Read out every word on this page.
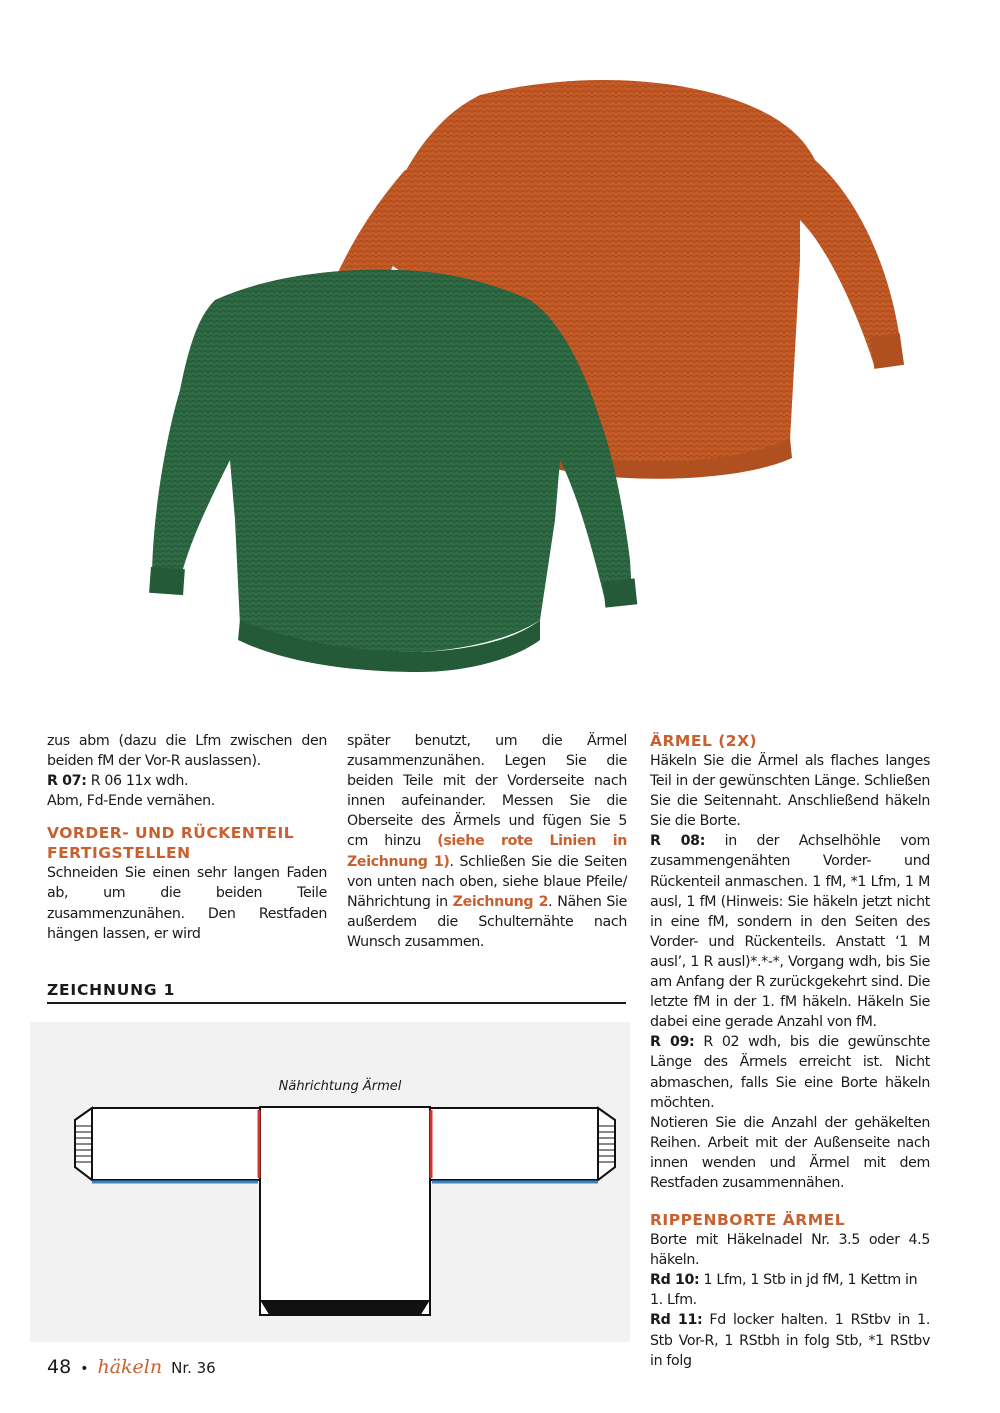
zus abm (dazu die Lfm zwischen den beiden fM der Vor-R auslassen).

R 07: R 06 11x wdh.

Abm, Fd-Ende vernähen.

VORDER- UND RÜCKENTEIL FERTIGSTELLEN

Schneiden Sie einen sehr langen Faden ab, um die beiden Teile zusammenzunähen. Den Restfaden hängen lassen, er wird

später benutzt, um die Ärmel zusammenzunähen. Legen Sie die beiden Teile mit der Vorderseite nach innen aufeinander. Messen Sie die Oberseite des Ärmels und fügen Sie 5 cm hinzu (siehe rote Linien in Zeichnung 1). Schließen Sie die Seiten von unten nach oben, siehe blaue Pfeile/ Nährichtung in Zeichnung 2. Nähen Sie außerdem die Schulternähte nach Wunsch zusammen.

ÄRMEL (2X)

Häkeln Sie die Ärmel als flaches langes Teil in der gewünschten Länge. Schließen Sie die Seitennaht. Anschließend häkeln Sie die Borte.

R 08: in der Achselhöhle vom zusammengenähten Vorder- und Rückenteil anmaschen. 1 fM, *1 Lfm, 1 M ausl, 1 fM (Hinweis: Sie häkeln jetzt nicht in eine fM, sondern in den Seiten des Vorder- und Rückenteils. Anstatt ‘1 M ausl’, 1 R ausl)*.*-*, Vorgang wdh, bis Sie am Anfang der R zurückgekehrt sind. Die letzte fM in der 1. fM häkeln. Häkeln Sie dabei eine gerade Anzahl von fM.

R 09: R 02 wdh, bis die gewünschte Länge des Ärmels erreicht ist. Nicht abmaschen, falls Sie eine Borte häkeln möchten.

Notieren Sie die Anzahl der gehäkelten Reihen. Arbeit mit der Außenseite nach innen wenden und Ärmel mit dem Restfaden zusammennähen.

RIPPENBORTE ÄRMEL

Borte mit Häkelnadel Nr. 3.5 oder 4.5 häkeln.

Rd 10: 1 Lfm, 1 Stb in jd fM, 1 Kettm in 1. Lfm.

Rd 11: Fd locker halten. 1 RStbv in 1. Stb Vor-R, 1 RStbh in folg Stb, *1 RStbv in folg

ZEICHNUNG 1
Nährichtung Ärmel
48 • häkeln Nr. 36
